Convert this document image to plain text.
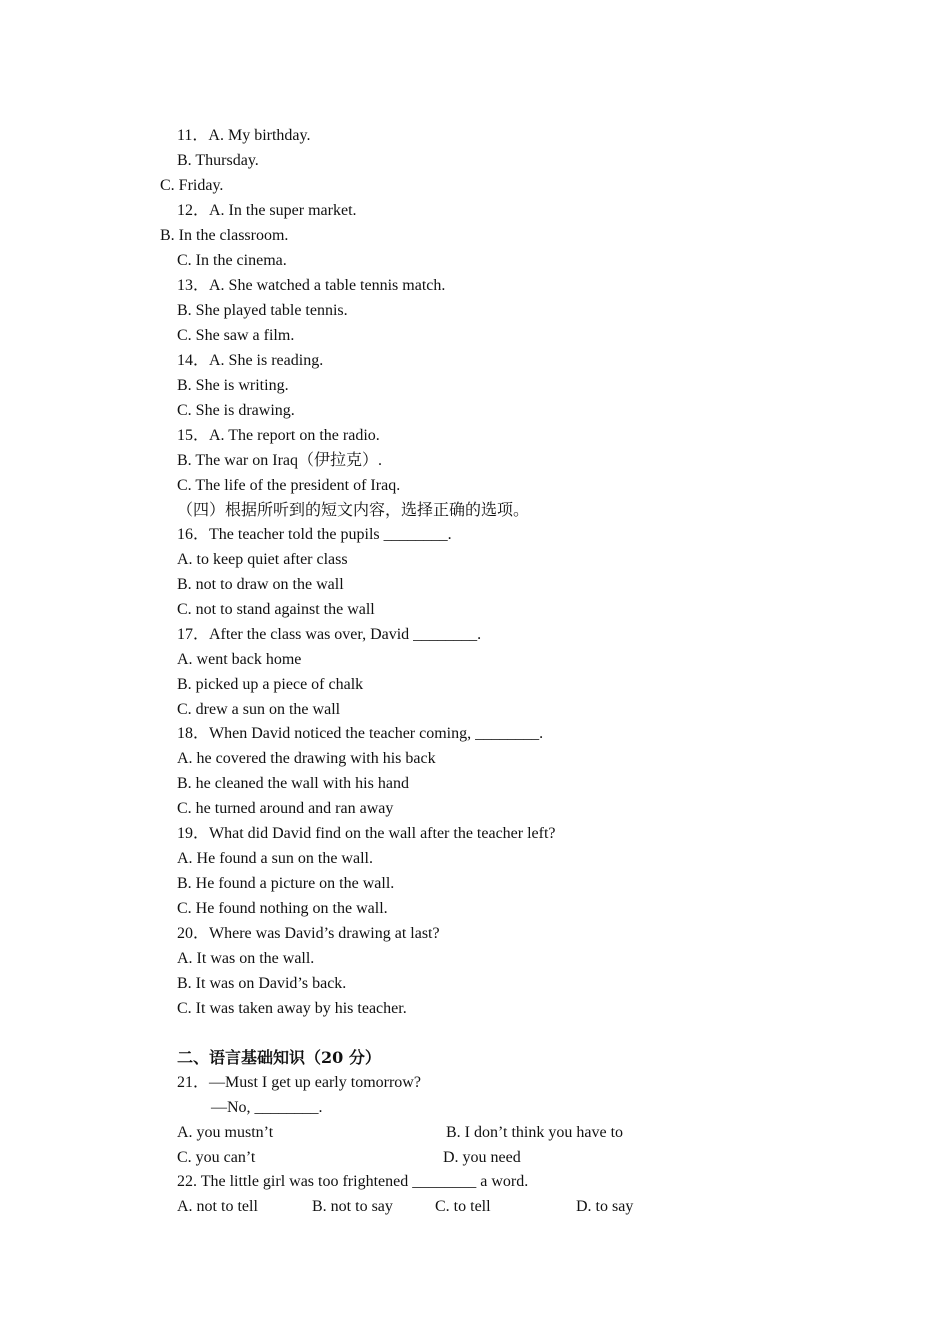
11．A. My birthday.
B. Thursday.
C. Friday.
12．A. In the super market.
B. In the classroom.
C. In the cinema.
13．A. She watched a table tennis match.
B. She played table tennis.
C. She saw a film.
14．A. She is reading.
B. She is writing.
C. She is drawing.
15．A. The report on the radio.
B. The war on Iraq（伊拉克）.
C. The life of the president of Iraq.
（四）根据所听到的短文内容，选择正确的选项。
16．The teacher told the pupils ________.
A. to keep quiet after class
B. not to draw on the wall
C. not to stand against the wall
17．After the class was over, David ________.
A. went back home
B. picked up a piece of chalk
C. drew a sun on the wall
18．When David noticed the teacher coming, ________.
A. he covered the drawing with his back
B. he cleaned the wall with his hand
C. he turned around and ran away
19．What did David find on the wall after the teacher left?
A. He found a sun on the wall.
B. He found a picture on the wall.
C. He found nothing on the wall.
20．Where was David’s drawing at last?
A. It was on the wall.
B. It was on David’s back.
C. It was taken away by his teacher.
二、语言基础知识（20 分）
21．—Must I get up early tomorrow?
—No, ________.
A. you mustn’t	B. I don’t think you have to
C. you can’t	D. you need
22. The little girl was too frightened ________ a word.
A. not to tell	B. not to say	C. to tell	D. to say
